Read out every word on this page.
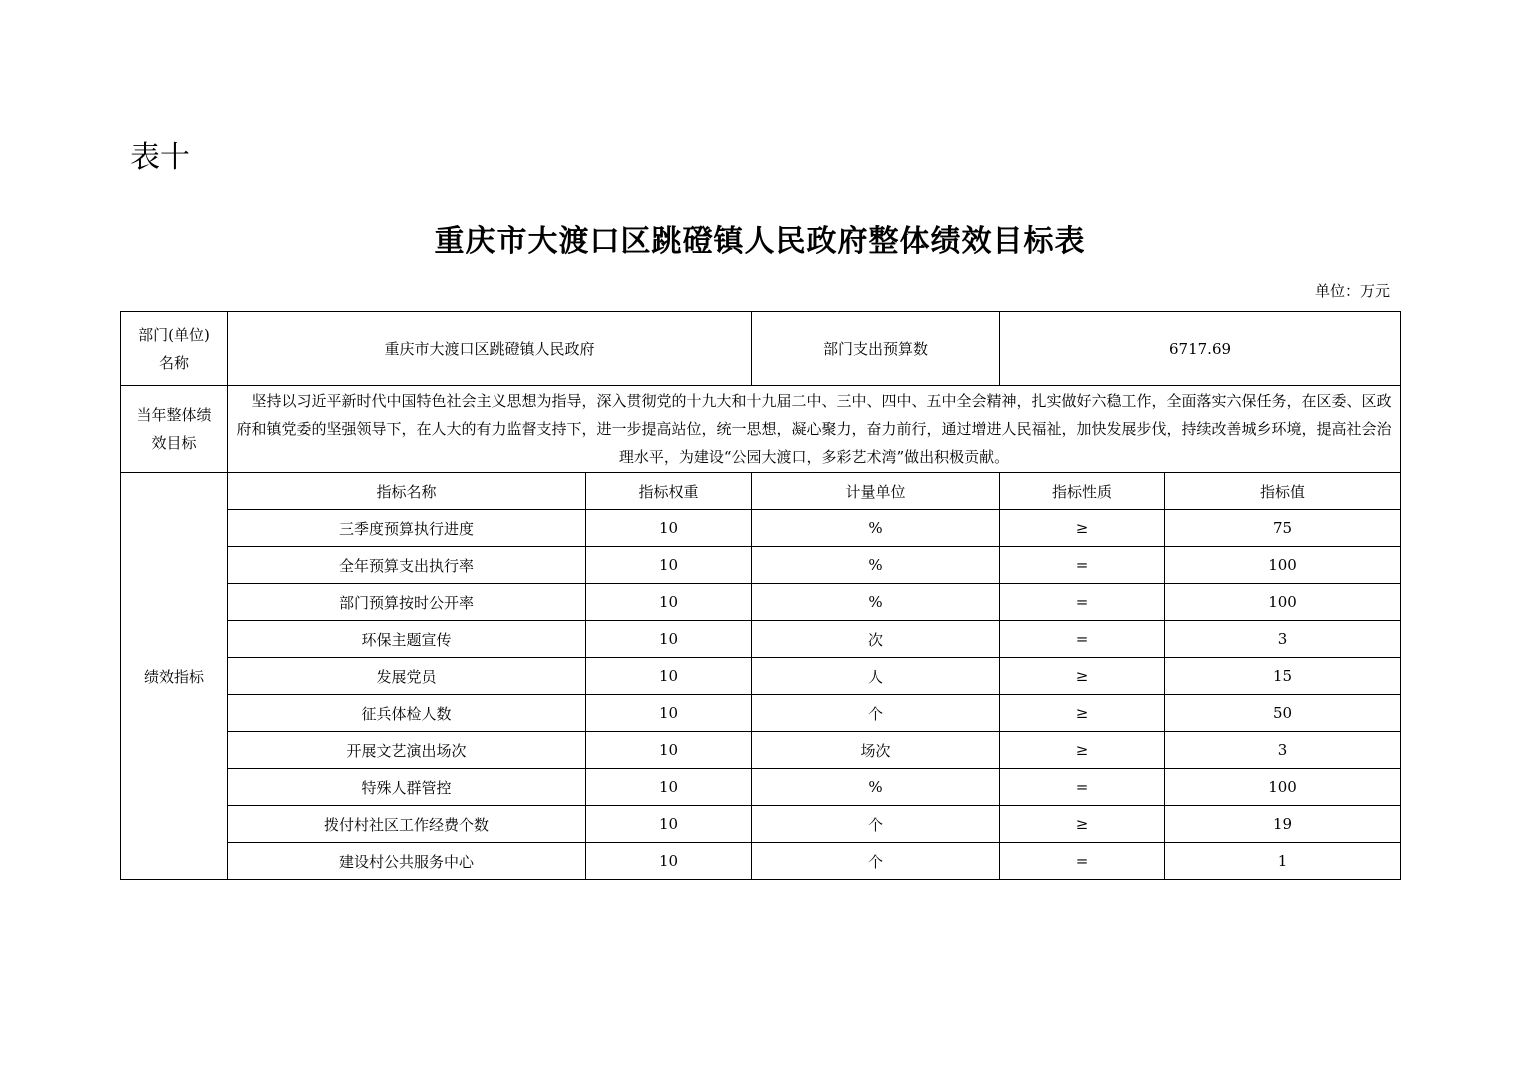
表十
重庆市大渡口区跳磴镇人民政府整体绩效目标表
单位：万元
部门(单位)
名称	重庆市大渡口区跳磴镇人民政府		部门支出预算数	6717.69	

当年整体绩
效目标	坚持以习近平新时代中国特色社会主义思想为指导，深入贯彻党的十九大和十九届二中、三中、四中、五中全会精神，扎实做好六稳工作，全面落实六保任务，在区委、区政府和镇党委的坚强领导下，在人大的有力监督支持下，进一步提高站位，统一思想，凝心聚力，奋力前行，通过增进人民福祉，加快发展步伐，持续改善城乡环境，提高社会治理水平，为建设“公园大渡口，多彩艺术湾”做出积极贡献。				
绩效指标	指标名称	指标权重	计量单位	指标性质	指标值
	三季度预算执行进度	10	%	≥	75
	全年预算支出执行率	10	%	=	100
	部门预算按时公开率	10	%	=	100
	环保主题宣传	10	次	=	3
	发展党员	10	人	≥	15
	征兵体检人数	10	个	≥	50
	开展文艺演出场次	10	场次	≥	3
	特殊人群管控	10	%	=	100
	拨付村社区工作经费个数	10	个	≥	19
	建设村公共服务中心	10	个	=	1
